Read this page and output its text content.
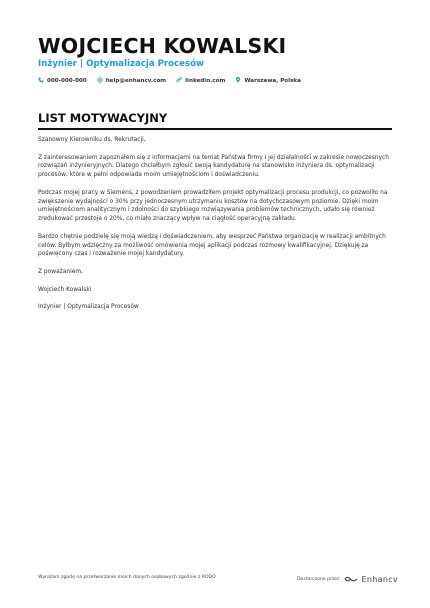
WOJCIECH KOWALSKI
Inżynier | Optymalizacja Procesów
000-000-000	help@enhancv.com	linkedin.com	Warszawa, Polska
LIST MOTYWACYJNY

Szanowny Kierowniku ds. Rekrutacji,

Z zainteresowaniem zapoznałem się z informacjami na temat Państwa firmy i jej działalności w zakresie nowoczesnych rozwiązań inżynieryjnych. Dlatego chciałbym zgłosić swoją kandydaturę na stanowisko inżyniera ds. optymalizacji procesów, które w pełni odpowiada moim umiejętnościom i doświadczeniu.

Podczas mojej pracy w Siemens, z powodzeniem prowadziłem projekt optymalizacji procesu produkcji, co pozwoliło na zwiększenie wydajności o 30% przy jednoczesnym utrzymaniu kosztów na dotychczasowym poziomie. Dzięki moim umiejętnościom analitycznym i zdolności do szybkiego rozwiązywania problemów technicznych, udało się również zredukować przestoje o 20%, co miało znaczący wpływ na ciągłość operacyjną zakładu.

Bardzo chętnie podzielę się moją wiedzą i doświadczeniem, aby wesprzeć Państwa organizację w realizacji ambitnych celów. Byłbym wdzięczny za możliwość omówienia mojej aplikacji podczas rozmowy kwalifikacyjnej. Dziękuję za poświęcony czas i rozważenie mojej kandydatury.

Z poważaniem,

Wojciech Kowalski

Inżynier | Optymalizacja Procesów

Wyrażam zgodę na przetwarzanie moich danych osobowych zgodnie z RODO	Dostarczone przez	Enhancv
